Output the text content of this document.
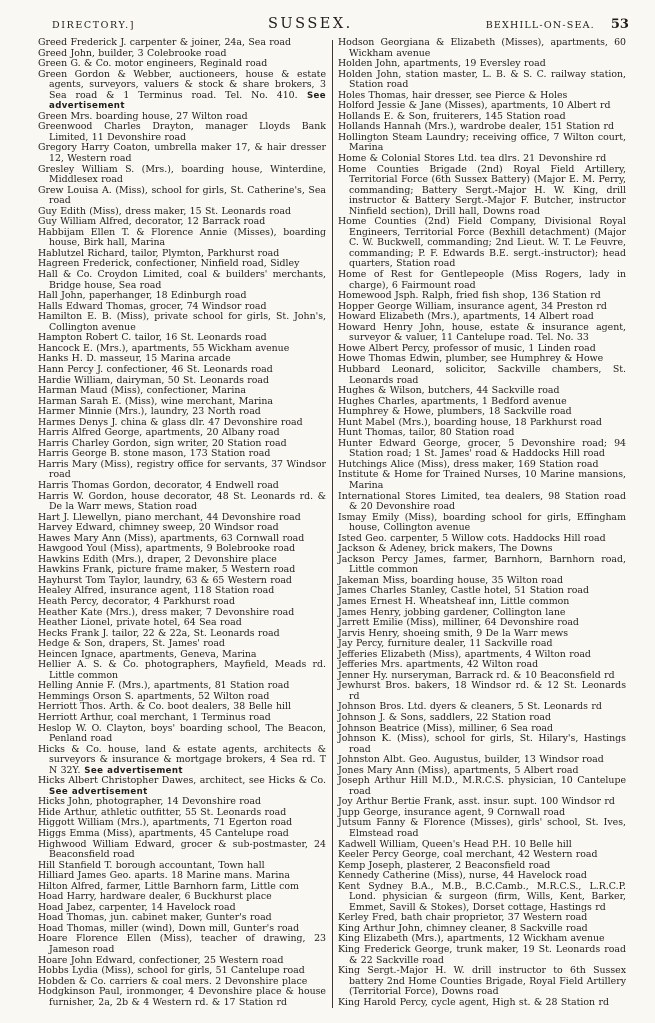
DIRECTORY.]	SUSSEX.	BEXHILL-ON-SEA. 53

Greed Frederick J. carpenter & joiner, 24a, Sea road

Greed John, builder, 3 Colebrooke road

Green G. & Co. motor engineers, Reginald road

Green Gordon & Webber, auctioneers, house & estate agents, surveyors, valuers & stock & share brokers, 3 Sea road & 1 Terminus road. Tel. No. 410. See advertisement

Green Mrs. boarding house, 27 Wilton road

Greenwood Charles Drayton, manager Lloyds Bank Limited, 11 Devonshire road

Gregory Harry Coaton, umbrella maker 17, & hair dresser 12, Western road

Gresley William S. (Mrs.), boarding house, Winterdine, Middlesex road

Grew Louisa A. (Miss), school for girls, St. Catherine's, Sea road

Guy Edith (Miss), dress maker, 15 St. Leonards road

Guy William Alfred, decorator, 12 Barrack road

Habbijam Ellen T. & Florence Annie (Misses), boarding house, Birk hall, Marina

Hablutzel Richard, tailor, Plymton, Parkhurst road

Hagreen Frederick, confectioner, Ninfield road, Sidley

Hall & Co. Croydon Limited, coal & builders' merchants, Bridge house, Sea road

Hall John, paperhanger, 18 Edinburgh road

Halls Edward Thomas, grocer, 74 Windsor road

Hamilton E. B. (Miss), private school for girls, St. John's, Collington avenue

Hampton Robert C. tailor, 16 St. Leonards road

Hancock E. (Mrs.), apartments, 55 Wickham avenue

Hanks H. D. masseur, 15 Marina arcade

Hann Percy J. confectioner, 46 St. Leonards road

Hardie William, dairyman, 50 St. Leonards road

Harman Maud (Miss), confectioner, Marina

Harman Sarah E. (Miss), wine merchant, Marina

Harmer Minnie (Mrs.), laundry, 23 North road

Harmes Denys J. china & glass dlr. 47 Devonshire road

Harris Alfred George, apartments, 20 Albany road

Harris Charley Gordon, sign writer, 20 Station road

Harris George B. stone mason, 173 Station road

Harris Mary (Miss), registry office for servants, 37 Windsor road

Harris Thomas Gordon, decorator, 4 Endwell road

Harris W. Gordon, house decorator, 48 St. Leonards rd. & De la Warr mews, Station road

Hart J. Llewellyn, piano merchant, 44 Devonshire road

Harvey Edward, chimney sweep, 20 Windsor road

Hawes Mary Ann (Miss), apartments, 63 Cornwall road

Hawgood Youl (Miss), apartments, 9 Bolebrooke road

Hawkins Edith (Mrs.), draper, 2 Devonshire place

Hawkins Frank, picture frame maker, 5 Western road

Hayhurst Tom Taylor, laundry, 63 & 65 Western road

Healey Alfred, insurance agent, 118 Station road

Heath Percy, decorator, 4 Parkhurst road

Heather Kate (Mrs.), dress maker, 7 Devonshire road

Heather Lionel, private hotel, 64 Sea road

Hecks Frank J. tailor, 22 & 22a, St. Leonards road

Hedge & Son, drapers, St. James' road

Heincen Ignace, apartments, Geneva, Marina

Hellier A. S. & Co. photographers, Mayfield, Meads rd. Little common

Helling Annie F. (Mrs.), apartments, 81 Station road

Hemmings Orson S. apartments, 52 Wilton road

Herriott Thos. Arth. & Co. boot dealers, 38 Belle hill

Herriott Arthur, coal merchant, 1 Terminus road

Heslop W. O. Clayton, boys' boarding school, The Beacon, Penland road

Hicks & Co. house, land & estate agents, architects & surveyors & insurance & mortgage brokers, 4 Sea rd. T N 32Y. See advertisement

Hicks Albert Christopher Dawes, architect, see Hicks & Co. See advertisement

Hicks John, photographer, 14 Devonshire road

Hide Arthur, athletic outfitter, 55 St. Leonards road

Higgott William (Mrs.), apartments, 71 Egerton road

Higgs Emma (Miss), apartments, 45 Cantelupe road

Highwood William Edward, grocer & sub-postmaster, 24 Beaconsfield road

Hill Stanfield T. borough accountant, Town hall

Hilliard James Geo. aparts. 18 Marine mans. Marina

Hilton Alfred, farmer, Little Barnhorn farm, Little com

Hoad Harry, hardware dealer, 6 Buckhurst place

Hoad Jabez, carpenter, 14 Havelock road

Hoad Thomas, jun. cabinet maker, Gunter's road

Hoad Thomas, miller (wind), Down mill, Gunter's road

Hoare Florence Ellen (Miss), teacher of drawing, 23 Jameson road

Hoare John Edward, confectioner, 25 Western road

Hobbs Lydia (Miss), school for girls, 51 Cantelupe road

Hobden & Co. carriers & coal mers. 2 Devonshire place

Hodgkinson Paul, ironmonger, 4 Devonshire place & house furnisher, 2a, 2b & 4 Western rd. & 17 Station rd

Hodson Georgiana & Elizabeth (Misses), apartments, 60 Wickham avenue

Holden John, apartments, 19 Eversley road

Holden John, station master, L. B. & S. C. railway station, Station road

Holes Thomas, hair dresser, see Pierce & Holes

Holford Jessie & Jane (Misses), apartments, 10 Albert rd

Hollands E. & Son, fruiterers, 145 Station road

Hollands Hannah (Mrs.), wardrobe dealer, 151 Station rd

Hollington Steam Laundry; receiving office, 7 Wilton court, Marina

Home & Colonial Stores Ltd. tea dlrs. 21 Devonshire rd

Home Counties Brigade (2nd) Royal Field Artillery, Territorial Force (6th Sussex Battery) (Major E. M. Perry, commanding; Battery Sergt.-Major H. W. King, drill instructor & Battery Sergt.-Major F. Butcher, instructor Ninfield section), Drill hall, Downs road

Home Counties (2nd) Field Company, Divisional Royal Engineers, Territorial Force (Bexhill detachment) (Major C. W. Buckwell, commanding; 2nd Lieut. W. T. Le Feuvre, commanding; P. F. Edwards B.E. sergt.-instructor); head quarters, Station road

Home of Rest for Gentlepeople (Miss Rogers, lady in charge), 6 Fairmount road

Homewood Jsph. Ralph, fried fish shop, 136 Station rd

Hopper George William, insurance agent, 34 Preston rd

Howard Elizabeth (Mrs.), apartments, 14 Albert road

Howard Henry John, house, estate & insurance agent, surveyor & valuer, 11 Cantelupe road. Tel. No. 33

Howe Albert Percy, professor of music, 1 Linden road

Howe Thomas Edwin, plumber, see Humphrey & Howe

Hubbard Leonard, solicitor, Sackville chambers, St. Leonards road

Hughes & Wilson, butchers, 44 Sackville road

Hughes Charles, apartments, 1 Bedford avenue

Humphrey & Howe, plumbers, 18 Sackville road

Hunt Mabel (Mrs.), boarding house, 18 Parkhurst road

Hunt Thomas, tailor, 80 Station road

Hunter Edward George, grocer, 5 Devonshire road; 94 Station road; 1 St. James' road & Haddocks Hill road

Hutchings Alice (Miss), dress maker, 169 Station road

Institute & Home for Trained Nurses, 10 Marine mansions, Marina

International Stores Limited, tea dealers, 98 Station road & 20 Devonshire road

Ismay Emily (Miss), boarding school for girls, Effingham house, Collington avenue

Isted Geo. carpenter, 5 Willow cots. Haddocks Hill road

Jackson & Adeney, brick makers, The Downs

Jackson Percy James, farmer, Barnhorn, Barnhorn road, Little common

Jakeman Miss, boarding house, 35 Wilton road

James Charles Stanley, Castle hotel, 51 Station road

James Ernest H. Wheatsheaf inn, Little common

James Henry, jobbing gardener, Collington lane

Jarrett Emilie (Miss), milliner, 64 Devonshire road

Jarvis Henry, shoeing smith, 9 De la Warr mews

Jay Percy, furniture dealer, 11 Sackville road

Jefferies Elizabeth (Miss), apartments, 4 Wilton road

Jefferies Mrs. apartments, 42 Wilton road

Jenner Hy. nurseryman, Barrack rd. & 10 Beaconsfield rd

Jewhurst Bros. bakers, 18 Windsor rd. & 12 St. Leonards rd

Johnson Bros. Ltd. dyers & cleaners, 5 St. Leonards rd

Johnson J. & Sons, saddlers, 22 Station road

Johnson Beatrice (Miss), milliner, 6 Sea road

Johnson K. (Miss), school for girls, St. Hilary's, Hastings road

Johnston Albt. Geo. Augustus, builder, 13 Windsor road

Jones Mary Ann (Miss), apartments, 5 Albert road

Joseph Arthur Hill M.D., M.R.C.S. physician, 10 Cantelupe road

Joy Arthur Bertie Frank, asst. insur. supt. 100 Windsor rd

Jupp George, insurance agent, 9 Cornwall road

Jutsum Fanny & Florence (Misses), girls' school, St. Ives, Elmstead road

Kadwell William, Queen's Head P.H. 10 Belle hill

Keeler Percy George, coal merchant, 42 Western road

Kemp Joseph, plasterer, 2 Beaconsfield road

Kennedy Catherine (Miss), nurse, 44 Havelock road

Kent Sydney B.A., M.B., B.C.Camb., M.R.C.S., L.R.C.P. Lond. physician & surgeon (firm, Wills, Kent, Barker, Emmet, Savill & Stokes), Dorset cottage, Hastings rd

Kerley Fred, bath chair proprietor, 37 Western road

King Arthur John, chimney cleaner, 8 Sackville road

King Elizabeth (Mrs.), apartments, 12 Wickham avenue

King Frederick George, trunk maker, 19 St. Leonards road & 22 Sackville road

King Sergt.-Major H. W. drill instructor to 6th Sussex battery 2nd Home Counties Brigade, Royal Field Artillery (Territorial Force), Downs road

King Harold Percy, cycle agent, High st. & 28 Station rd
